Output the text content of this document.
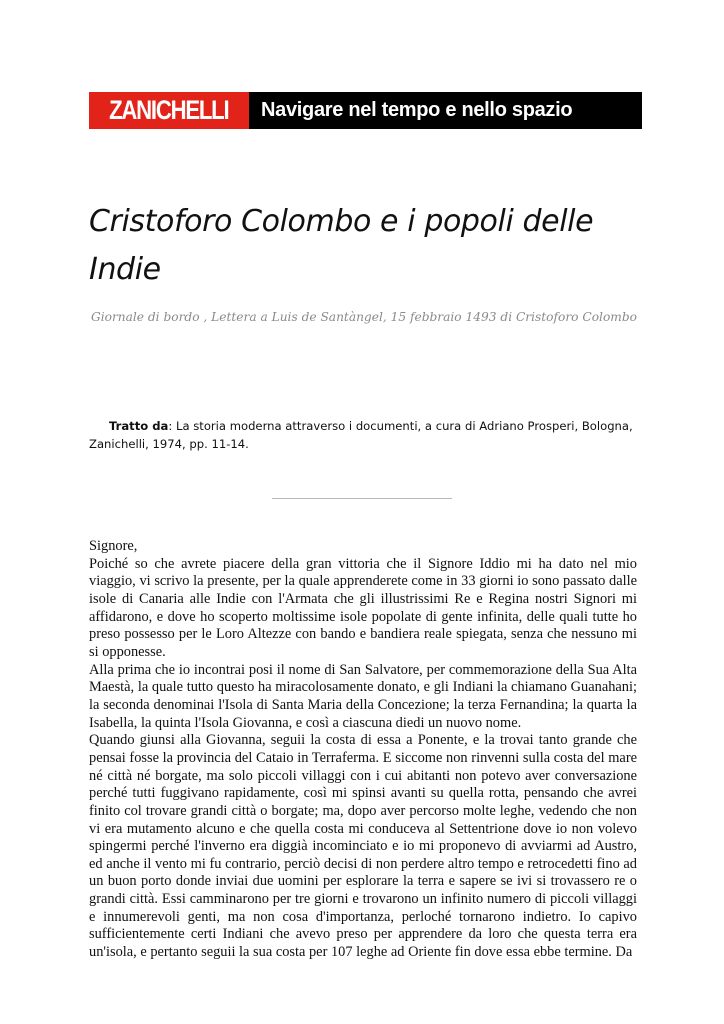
ZANICHELLI	Navigare nel tempo e nello spazio
Cristoforo Colombo e i popoli delle Indie
Giornale di bordo , Lettera a Luis de Santàngel, 15 febbraio 1493 di Cristoforo Colombo

Tratto da: La storia moderna attraverso i documenti, a cura di Adriano Prosperi, Bologna, Zanichelli, 1974, pp. 11-14.

Signore,

Poiché so che avrete piacere della gran vittoria che il Signore Iddio mi ha dato nel mio viaggio, vi scrivo la presente, per la quale apprenderete come in 33 giorni io sono passato dalle isole di Canaria alle Indie con l'Armata che gli illustrissimi Re e Regina nostri Signori mi affidarono, e dove ho scoperto moltissime isole popolate di gente infinita, delle quali tutte ho preso possesso per le Loro Altezze con bando e bandiera reale spiegata, senza che nessuno mi si opponesse.

Alla prima che io incontrai posi il nome di San Salvatore, per commemorazione della Sua Alta Maestà, la quale tutto questo ha miracolosamente donato, e gli Indiani la chiamano Guanahani; la seconda denominai l'Isola di Santa Maria della Concezione; la terza Fernandina; la quarta la Isabella, la quinta l'Isola Giovanna, e così a ciascuna diedi un nuovo nome.

Quando giunsi alla Giovanna, seguii la costa di essa a Ponente, e la trovai tanto grande che pensai fosse la provincia del Cataio in Terraferma. E siccome non rinvenni sulla costa del mare né città né borgate, ma solo piccoli villaggi con i cui abitanti non potevo aver conversazione perché tutti fuggivano rapidamente, così mi spinsi avanti su quella rotta, pensando che avrei finito col trovare grandi città o borgate; ma, dopo aver percorso molte leghe, vedendo che non vi era mutamento alcuno e che quella costa mi conduceva al Settentrione dove io non volevo spingermi perché l'inverno era diggià incominciato e io mi proponevo di avviarmi ad Austro, ed anche il vento mi fu contrario, perciò decisi di non perdere altro tempo e retrocedetti fino ad un buon porto donde inviai due uomini per esplorare la terra e sapere se ivi si trovassero re o grandi città. Essi camminarono per tre giorni e trovarono un infinito numero di piccoli villaggi e innumerevoli genti, ma non cosa d'importanza, perloché tornarono indietro. Io capivo sufficientemente certi Indiani che avevo preso per apprendere da loro che questa terra era un'isola, e pertanto seguii la sua costa per 107 leghe ad Oriente fin dove essa ebbe termine. Da
